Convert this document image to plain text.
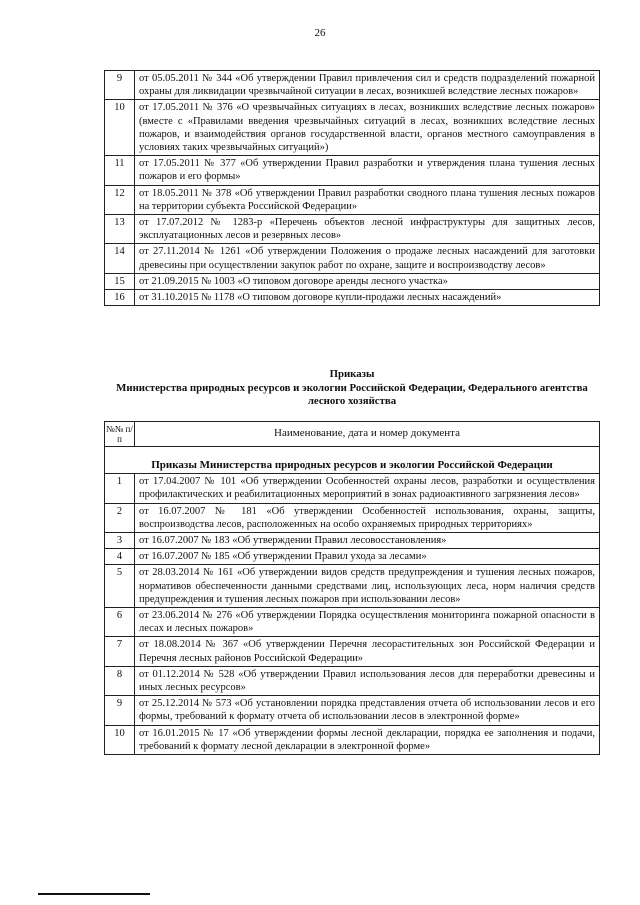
26
9	от 05.05.2011 № 344 «Об утверждении Правил привлечения сил и средств подразделений пожарной охраны для ликвидации чрезвычайной ситуации в лесах, возникшей вследствие лесных пожаров»
10	от 17.05.2011 № 376 «О чрезвычайных ситуациях в лесах, возникших вследствие лесных пожаров» (вместе с «Правилами введения чрезвычайных ситуаций в лесах, возникших вследствие лесных пожаров, и взаимодействия органов государственной власти, органов местного самоуправления в условиях таких чрезвычайных ситуаций»)
11	от 17.05.2011 № 377 «Об утверждении Правил разработки и утверждения плана тушения лесных пожаров и его формы»
12	от 18.05.2011 № 378 «Об утверждении Правил разработки сводного плана тушения лесных пожаров на территории субъекта Российской Федерации»
13	от 17.07.2012 № 1283-р «Перечень объектов лесной инфраструктуры для защитных лесов, эксплуатационных лесов и резервных лесов»
14	от 27.11.2014 № 1261 «Об утверждении Положения о продаже лесных насаждений для заготовки древесины при осуществлении закупок работ по охране, защите и воспроизводству лесов»
15	от 21.09.2015 № 1003 «О типовом договоре аренды лесного участка»
16	от 31.10.2015 № 1178 «О типовом договоре купли-продажи лесных насаждений»
Приказы
Министерства природных ресурсов и экологии Российской Федерации, Федерального агентства лесного хозяйства
№№ п/п	Наименование, дата и номер документа
Приказы Министерства природных ресурсов и экологии Российской Федерации	
1	от 17.04.2007 № 101 «Об утверждении Особенностей охраны лесов, разработки и осуществления профилактических и реабилитационных мероприятий в зонах радиоактивного загрязнения лесов»
2	от 16.07.2007 № 181 «Об утверждении Особенностей использования, охраны, защиты, воспроизводства лесов, расположенных на особо охраняемых природных территориях»
3	от 16.07.2007 № 183 «Об утверждении Правил лесовосстановления»
4	от 16.07.2007 № 185 «Об утверждении Правил ухода за лесами»
5	от 28.03.2014 № 161 «Об утверждении видов средств предупреждения и тушения лесных пожаров, нормативов обеспеченности данными средствами лиц, использующих леса, норм наличия средств предупреждения и тушения лесных пожаров при использовании лесов»
6	от 23.06.2014 № 276 «Об утверждении Порядка осуществления мониторинга пожарной опасности в лесах и лесных пожаров»
7	от 18.08.2014 № 367 «Об утверждении Перечня лесорастительных зон Российской Федерации и Перечня лесных районов Российской Федерации»
8	от 01.12.2014 № 528 «Об утверждении Правил использования лесов для переработки древесины и иных лесных ресурсов»
9	от 25.12.2014 № 573 «Об установлении порядка представления отчета об использовании лесов и его формы, требований к формату отчета об использовании лесов в электронной форме»
10	от 16.01.2015 № 17 «Об утверждении формы лесной декларации, порядка ее заполнения и подачи, требований к формату лесной декларации в электронной форме»
